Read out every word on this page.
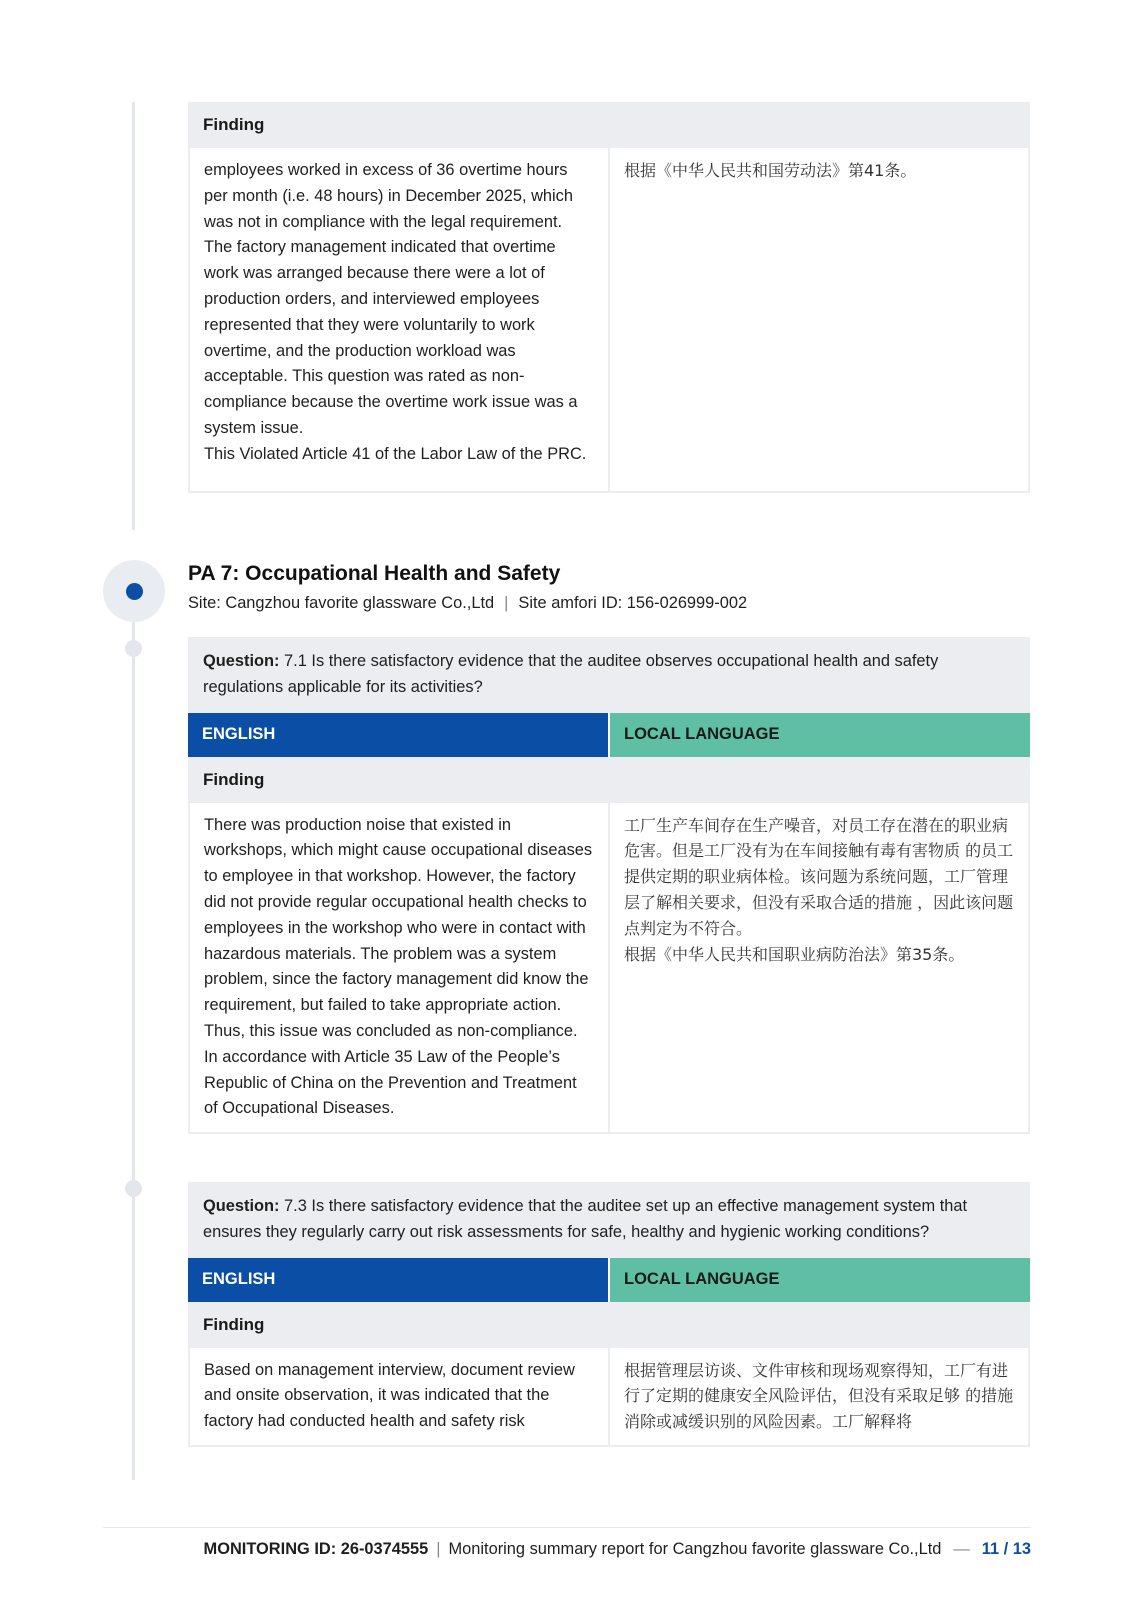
Finding

employees worked in excess of 36 overtime hours per month (i.e. 48 hours) in December 2025, which was not in compliance with the legal requirement. The factory management indicated that overtime work was arranged because there were a lot of production orders, and interviewed employees represented that they were voluntarily to work overtime, and the production workload was acceptable. This question was rated as non-compliance because the overtime work issue was a system issue.

This Violated Article 41 of the Labor Law of the PRC.

根据《中华人民共和国劳动法》第41条。

PA 7: Occupational Health and Safety
Site: Cangzhou favorite glassware Co.,Ltd | Site amfori ID: 156-026999-002
Question: 7.1 Is there satisfactory evidence that the auditee observes occupational health and safety regulations applicable for its activities?
ENGLISH	LOCAL LANGUAGE
Finding

There was production noise that existed in workshops, which might cause occupational diseases to employee in that workshop. However, the factory did not provide regular occupational health checks to employees in the workshop who were in contact with hazardous materials. The problem was a system problem, since the factory management did know the requirement, but failed to take appropriate action. Thus, this issue was concluded as non-compliance.

In accordance with Article 35 Law of the People’s Republic of China on the Prevention and Treatment of Occupational Diseases.

工厂生产车间存在生产噪音，对员工存在潜在的职业病危害。但是工厂没有为在车间接触有毒有害物质 的员工提供定期的职业病体检。该问题为系统问题，工厂管理层了解相关要求，但没有采取合适的措施 ，因此该问题点判定为不符合。

根据《中华人民共和国职业病防治法》第35条。

Question: 7.3 Is there satisfactory evidence that the auditee set up an effective management system that ensures they regularly carry out risk assessments for safe, healthy and hygienic working conditions?
ENGLISH	LOCAL LANGUAGE
Finding

Based on management interview, document review and onsite observation, it was indicated that the factory had conducted health and safety risk

根据管理层访谈、文件审核和现场观察得知，工厂有进行了定期的健康安全风险评估，但没有采取足够 的措施消除或减缓识别的风险因素。工厂解释将

MONITORING ID: 26-0374555 | Monitoring summary report for Cangzhou favorite glassware Co.,Ltd — 11 / 13
